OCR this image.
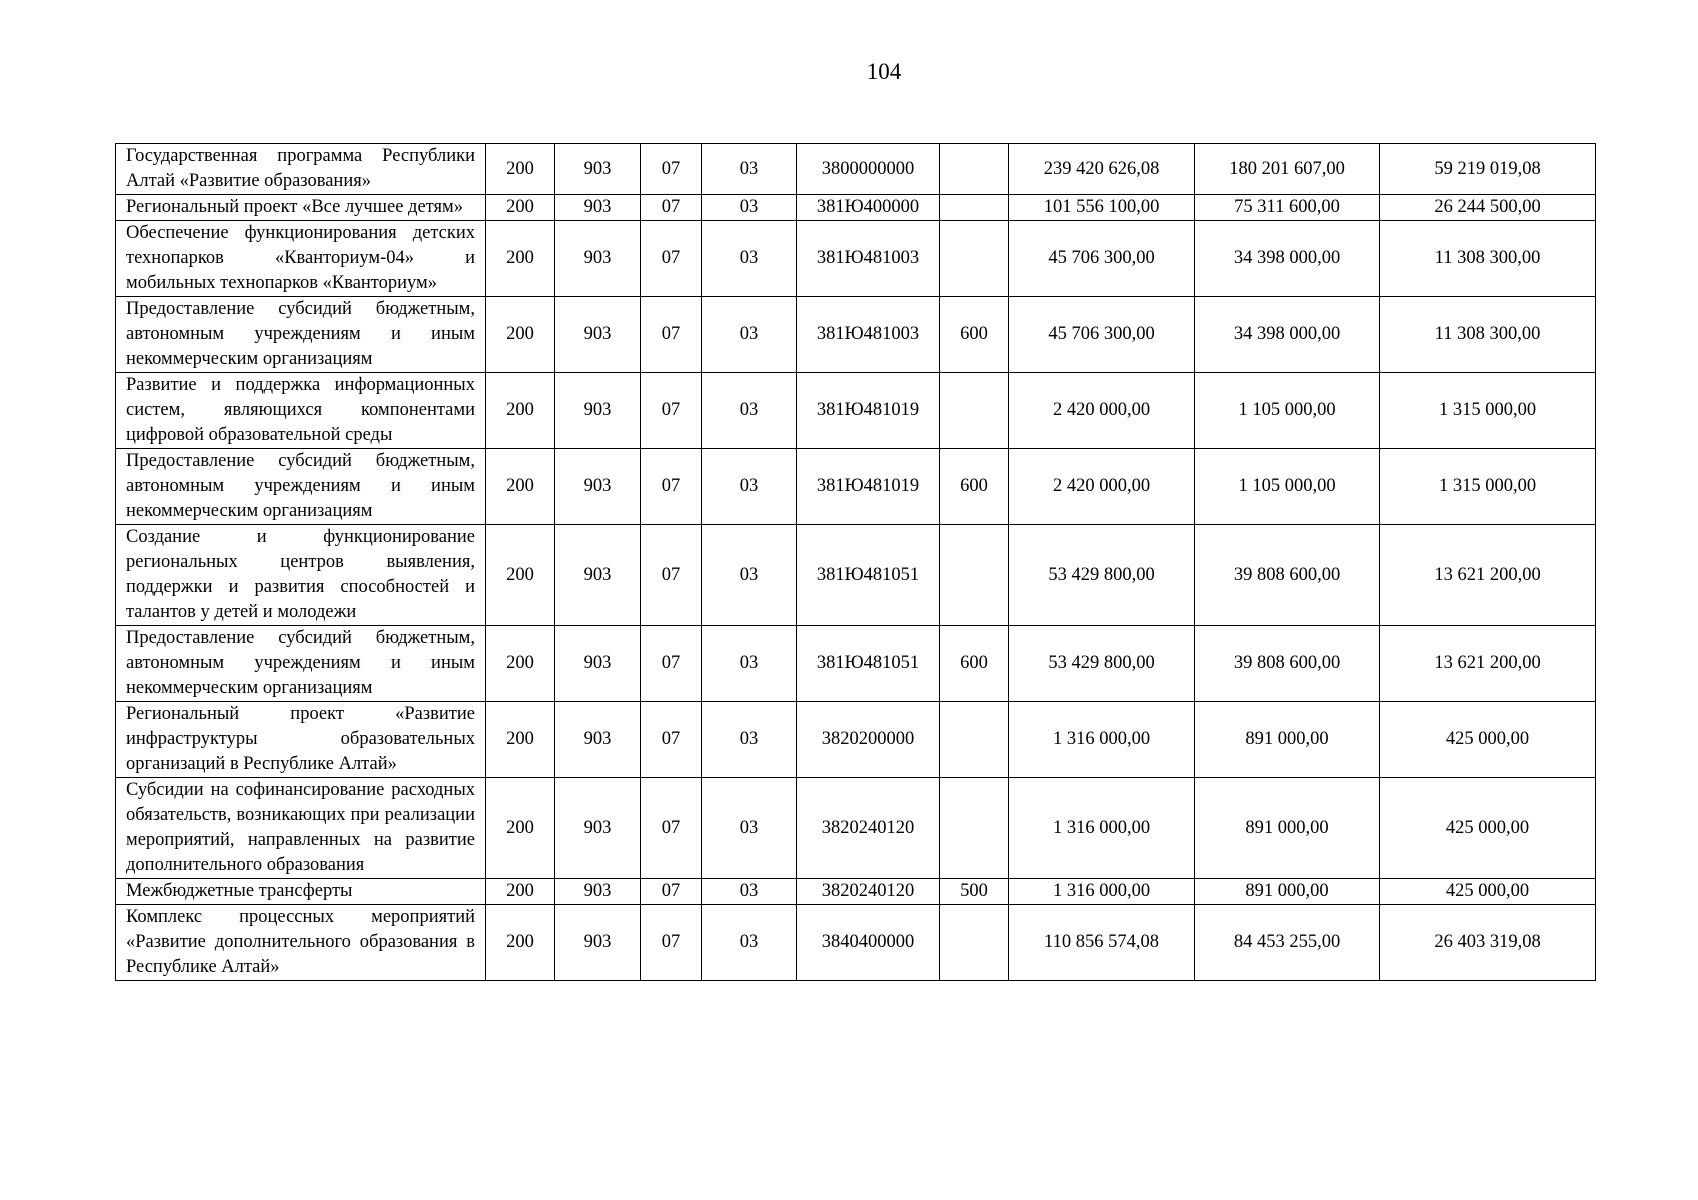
104
Государственная программа Республики Алтай «Развитие образования»	200	903	07	03	3800000000		239 420 626,08	180 201 607,00	59 219 019,08
Региональный проект «Все лучшее детям»	200	903	07	03	381Ю400000		101 556 100,00	75 311 600,00	26 244 500,00
Обеспечение функционирования детских технопарков «Кванториум-04» и мобильных технопарков «Кванториум»	200	903	07	03	381Ю481003		45 706 300,00	34 398 000,00	11 308 300,00
Предоставление субсидий бюджетным, автономным учреждениям и иным некоммерческим организациям	200	903	07	03	381Ю481003	600	45 706 300,00	34 398 000,00	11 308 300,00
Развитие и поддержка информационных систем, являющихся компонентами цифровой образовательной среды	200	903	07	03	381Ю481019		2 420 000,00	1 105 000,00	1 315 000,00
Предоставление субсидий бюджетным, автономным учреждениям и иным некоммерческим организациям	200	903	07	03	381Ю481019	600	2 420 000,00	1 105 000,00	1 315 000,00
Создание и функционирование региональных центров выявления, поддержки и развития способностей и талантов у детей и молодежи	200	903	07	03	381Ю481051		53 429 800,00	39 808 600,00	13 621 200,00
Предоставление субсидий бюджетным, автономным учреждениям и иным некоммерческим организациям	200	903	07	03	381Ю481051	600	53 429 800,00	39 808 600,00	13 621 200,00
Региональный проект «Развитие инфраструктуры образовательных организаций в Республике Алтай»	200	903	07	03	3820200000		1 316 000,00	891 000,00	425 000,00
Субсидии на софинансирование расходных обязательств, возникающих при реализации мероприятий, направленных на развитие дополнительного образования	200	903	07	03	3820240120		1 316 000,00	891 000,00	425 000,00
Межбюджетные трансферты	200	903	07	03	3820240120	500	1 316 000,00	891 000,00	425 000,00
Комплекс процессных мероприятий «Развитие дополнительного образования в Республике Алтай»	200	903	07	03	3840400000		110 856 574,08	84 453 255,00	26 403 319,08
